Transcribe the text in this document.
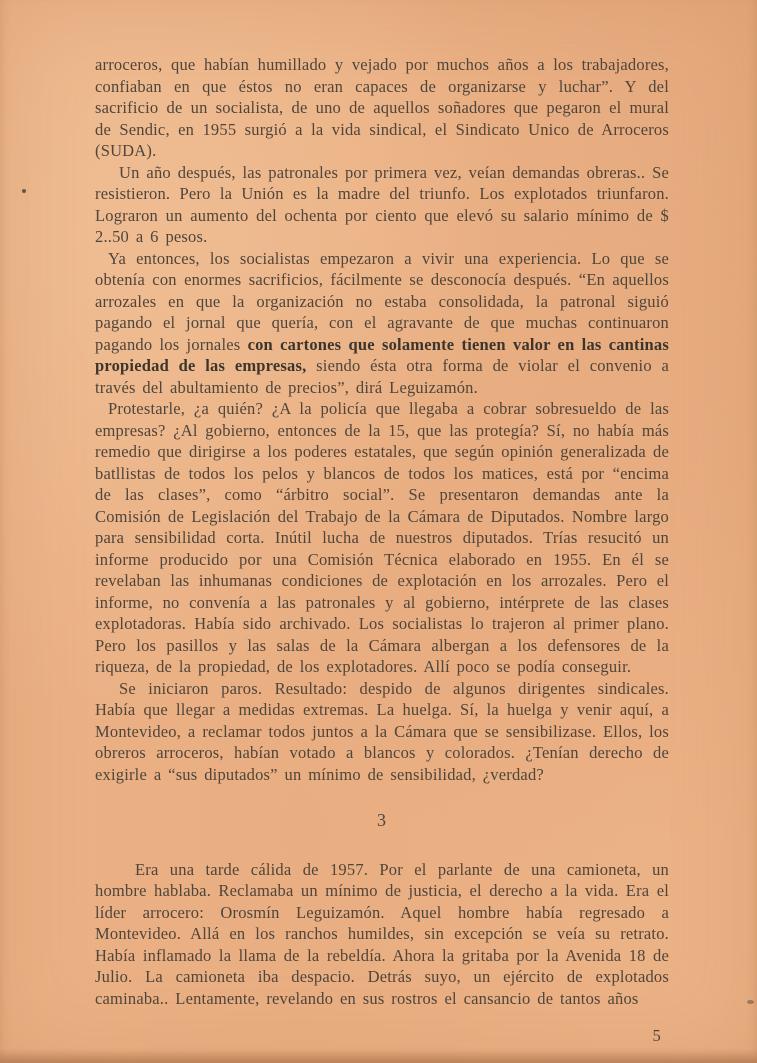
arroceros, que habían humillado y vejado por muchos años a los trabajadores, confiaban en que éstos no eran capaces de organizarse y luchar”. Y del sacrificio de un socialista, de uno de aquellos soñadores que pegaron el mural de Sendic, en 1955 surgió a la vida sindical, el Sindicato Unico de Arroceros (SUDA).

Un año después, las patronales por primera vez, veían demandas obreras.. Se resistieron. Pero la Unión es la madre del triunfo. Los explotados triunfaron. Lograron un aumento del ochenta por ciento que elevó su salario mínimo de $ 2..50 a 6 pesos.

Ya entonces, los socialistas empezaron a vivir una experiencia. Lo que se obtenía con enormes sacrificios, fácilmente se desconocía después. “En aquellos arrozales en que la organización no estaba consolidada, la patronal siguió pagando el jornal que quería, con el agravante de que muchas continuaron pagando los jornales con cartones que solamente tienen valor en las cantinas propiedad de las empresas, siendo ésta otra forma de violar el convenio a través del abultamiento de precios”, dirá Leguizamón.

Protestarle, ¿a quién? ¿A la policía que llegaba a cobrar sobresueldo de las empresas? ¿Al gobierno, entonces de la 15, que las protegía? Sí, no había más remedio que dirigirse a los poderes estatales, que según opinión generalizada de batllistas de todos los pelos y blancos de todos los matices, está por “encima de las clases”, como “árbitro social”. Se presentaron demandas ante la Comisión de Legislación del Trabajo de la Cámara de Diputados. Nombre largo para sensibilidad corta. Inútil lucha de nuestros diputados. Trías resucitó un informe producido por una Comisión Técnica elaborado en 1955. En él se revelaban las inhumanas condiciones de explotación en los arrozales. Pero el informe, no convenía a las patronales y al gobierno, intérprete de las clases explotadoras. Había sido archivado. Los socialistas lo trajeron al primer plano. Pero los pasillos y las salas de la Cámara albergan a los defensores de la riqueza, de la propiedad, de los explotadores. Allí poco se podía conseguir.

Se iniciaron paros. Resultado: despido de algunos dirigentes sindicales. Había que llegar a medidas extremas. La huelga. Sí, la huelga y venir aquí, a Montevideo, a reclamar todos juntos a la Cámara que se sensibilizase. Ellos, los obreros arroceros, habían votado a blancos y colorados. ¿Tenían derecho de exigirle a “sus diputados” un mínimo de sensibilidad, ¿verdad?

3

Era una tarde cálida de 1957. Por el parlante de una camioneta, un hombre hablaba. Reclamaba un mínimo de justicia, el derecho a la vida. Era el líder arrocero: Orosmín Leguizamón. Aquel hombre había regresado a Montevideo. Allá en los ranchos humildes, sin excepción se veía su retrato. Había inflamado la llama de la rebeldía. Ahora la gritaba por la Avenida 18 de Julio. La camioneta iba despacio. Detrás suyo, un ejército de explotados caminaba.. Lentamente, revelando en sus rostros el cansancio de tantos años

5
